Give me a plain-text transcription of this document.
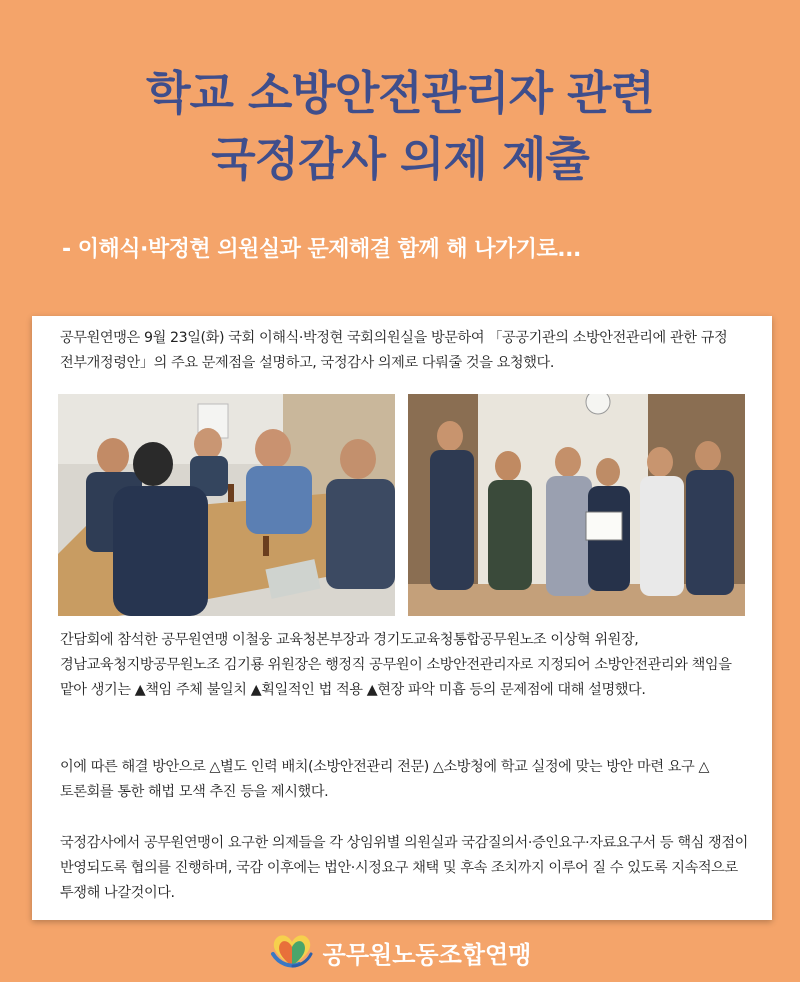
학교 소방안전관리자 관련
국정감사 의제 제출
- 이해식·박정현 의원실과 문제해결 함께 해 나가기로...
공무원연맹은 9월 23일(화) 국회 이해식·박정현 국회의원실을 방문하여 「공공기관의 소방안전관리에 관한 규정 전부개정령안」의 주요 문제점을 설명하고, 국정감사 의제로 다뤄줄 것을 요청했다.
간담회에 참석한 공무원연맹 이철웅 교육청본부장과 경기도교육청통합공무원노조 이상혁 위원장, 경남교육청지방공무원노조 김기룡 위원장은 행정직 공무원이 소방안전관리자로 지정되어 소방안전관리와 책임을 맡아 생기는 ▲책임 주체 불일치 ▲획일적인 법 적용 ▲현장 파악 미흡 등의 문제점에 대해 설명했다.
이에 따른 해결 방안으로 △별도 인력 배치(소방안전관리 전문) △소방청에 학교 실정에 맞는 방안 마련 요구 △토론회를 통한 해법 모색 추진 등을 제시했다.
국정감사에서 공무원연맹이 요구한 의제들을 각 상임위별 의원실과 국감질의서·증인요구·자료요구서 등 핵심 쟁점이 반영되도록 협의를 진행하며, 국감 이후에는 법안·시정요구 채택 및 후속 조치까지 이루어 질 수 있도록 지속적으로 투쟁해 나갈것이다.
공무원노동조합연맹
